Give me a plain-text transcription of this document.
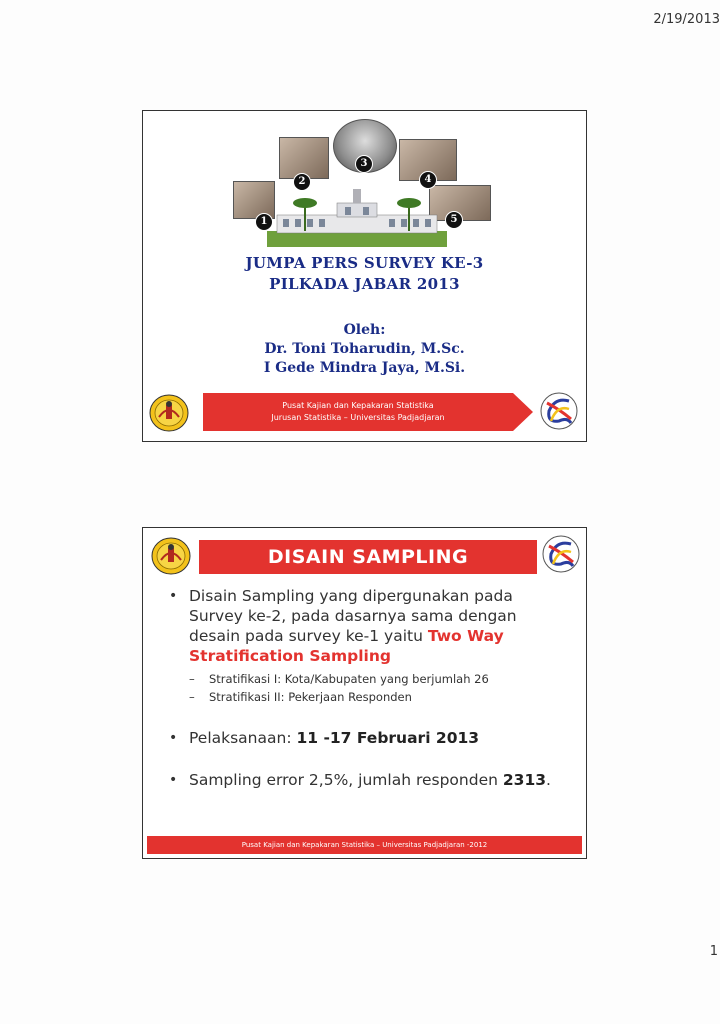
2/19/2013
1
2
3
4
5
JUMPA PERS SURVEY KE-3
PILKADA JABAR 2013
Oleh:
Dr. Toni Toharudin, M.Sc.
I Gede Mindra Jaya, M.Si.
Pusat Kajian dan Kepakaran Statistika
Jurusan Statistika – Universitas Padjadjaran
DISAIN SAMPLING
• Disain Sampling yang dipergunakan pada Survey ke-2, pada dasarnya sama dengan desain pada survey ke-1 yaitu Two Way Stratification Sampling
– Stratifikasi I: Kota/Kabupaten yang berjumlah 26
– Stratifikasi II: Pekerjaan Responden
• Pelaksanaan: 11 -17 Februari 2013
• Sampling error 2,5%, jumlah responden 2313.
Pusat Kajian dan Kepakaran Statistika – Universitas Padjadjaran -2012
1
